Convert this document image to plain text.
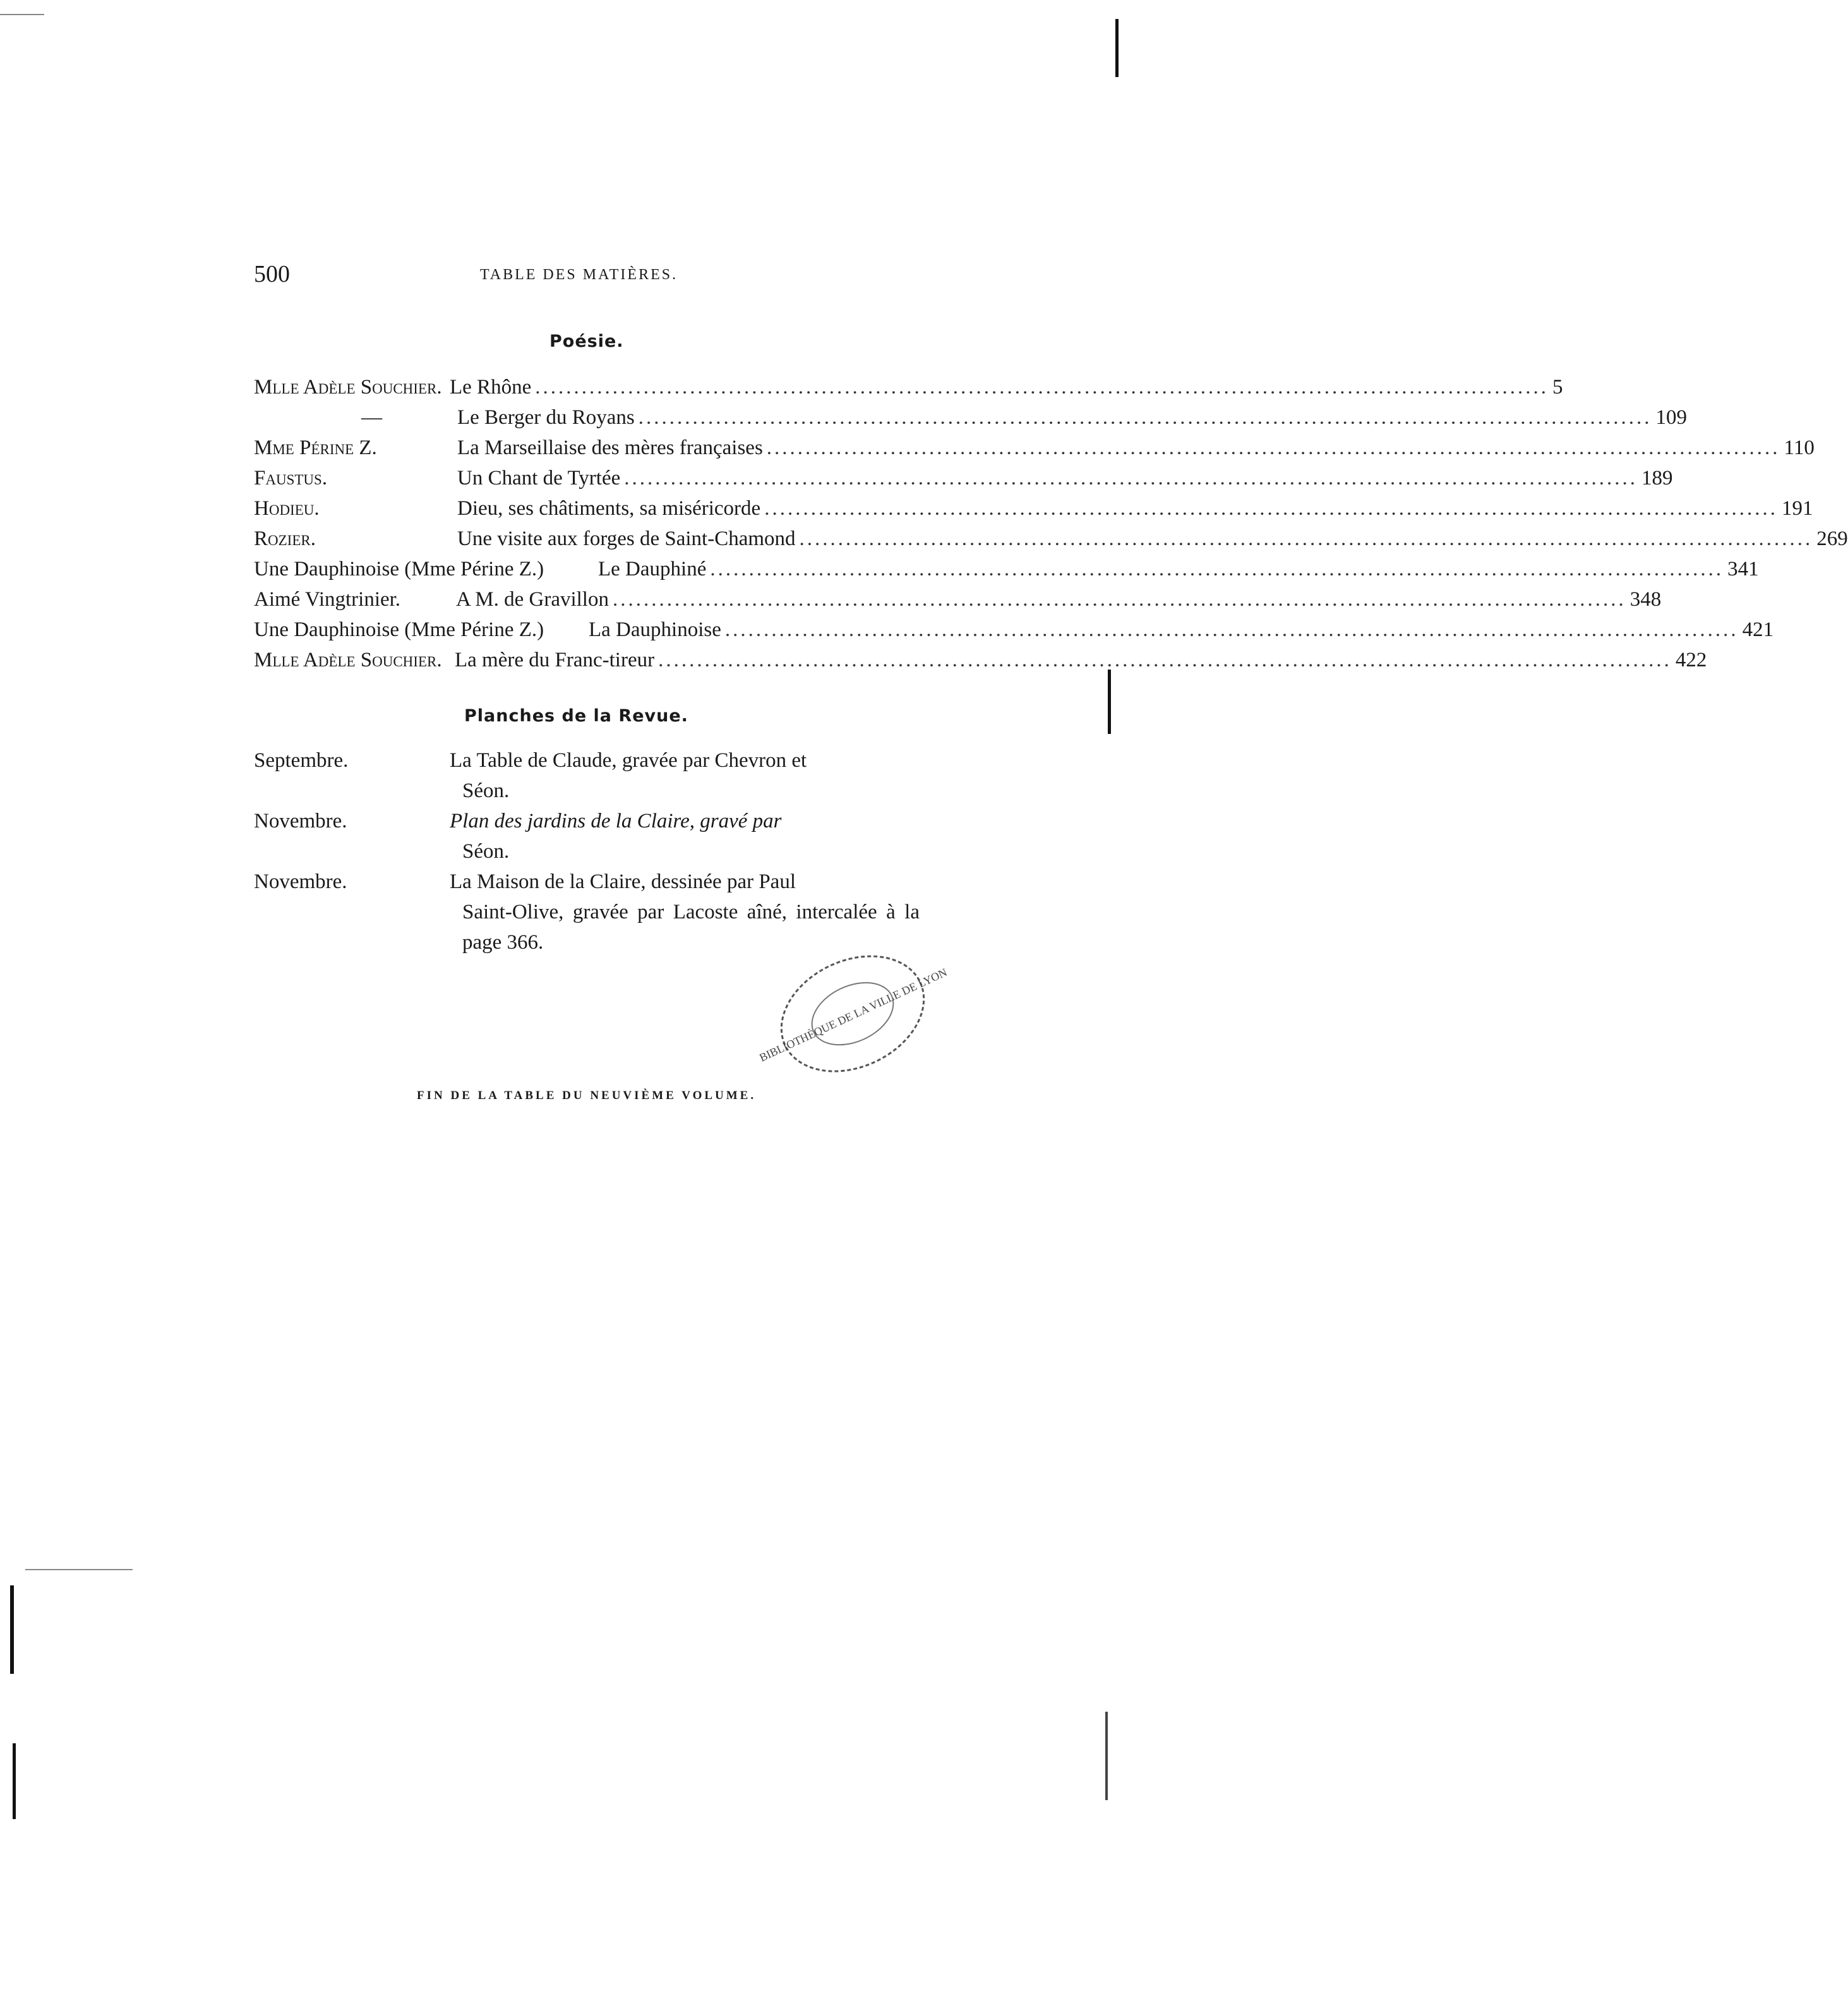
500	TABLE DES MATIÈRES.
Poésie.
Mlle Adèle Souchier. Le Rhône .....	5
—	Le Berger du Royans .....	109
Mme Périne Z.	La Marseillaise des mères françaises .....	110
Faustus.	Un Chant de Tyrtée .....	189
Hodieu.	Dieu, ses châtiments, sa miséricorde .....	191
Rozier.	Une visite aux forges de Saint-Chamond .....	269
Une Dauphinoise (Mme Périne Z.)	Le Dauphiné .....	341
Aimé Vingtrinier.	A M. de Gravillon .....	348
Une Dauphinoise (Mme Périne Z.) La Dauphinoise .....	421
Mlle Adèle Souchier. La mère du Franc-tireur .....	422
Planches de la Revue.
Septembre.	La Table de Claude, gravée par Chevron et
Séon.
Novembre.	Plan des jardins de la Claire, gravé par
Séon.
Novembre.	La Maison de la Claire, dessinée par Paul
Saint-Olive, gravée par Lacoste aîné, intercalée à la page 366.
BIBLIOTHÈQUE DE LA VILLE DE LYON
FIN DE LA TABLE DU NEUVIÈME VOLUME.
